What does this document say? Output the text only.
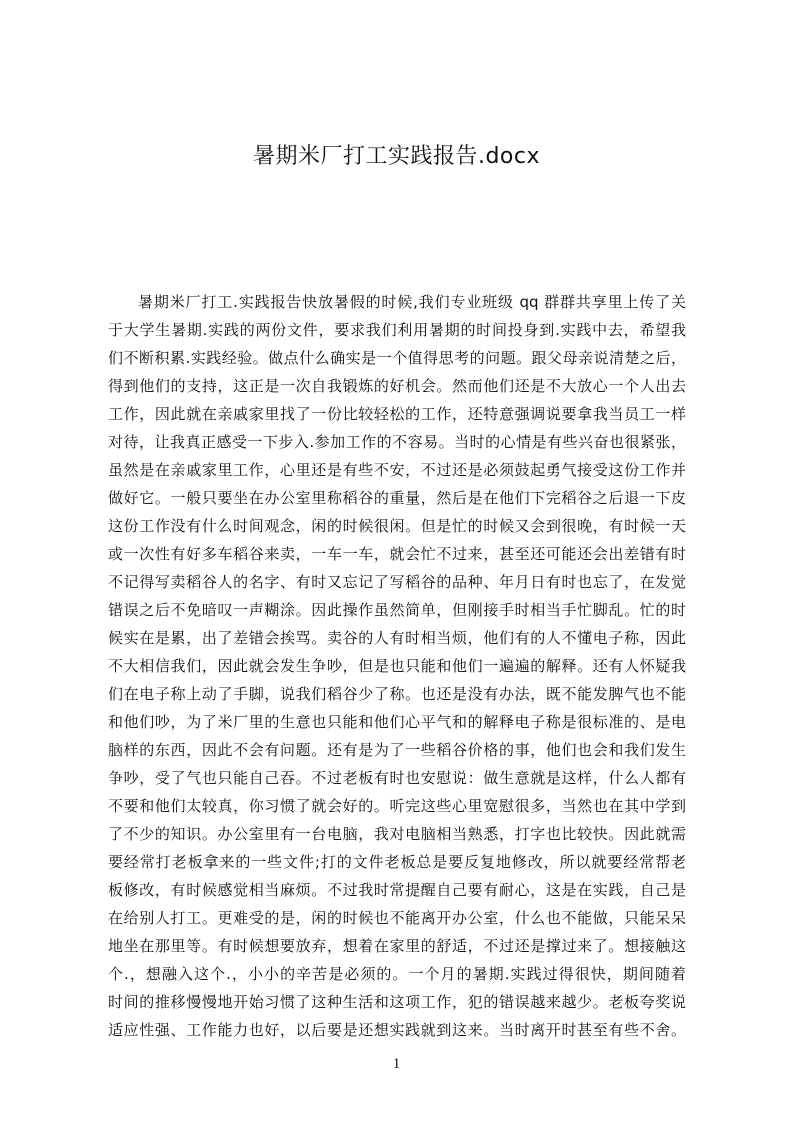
暑期米厂打工实践报告.docx
暑期米厂打工.实践报告快放暑假的时候,我们专业班级 qq 群群共享里上传了关
于大学生暑期.实践的两份文件，要求我们利用暑期的时间投身到.实践中去，希望我
们不断积累.实践经验。做点什么确实是一个值得思考的问题。跟父母亲说清楚之后，
得到他们的支持，这正是一次自我锻炼的好机会。然而他们还是不大放心一个人出去
工作，因此就在亲戚家里找了一份比较轻松的工作，还特意强调说要拿我当员工一样
对待，让我真正感受一下步入.参加工作的不容易。当时的心情是有些兴奋也很紧张，
虽然是在亲戚家里工作，心里还是有些不安，不过还是必须鼓起勇气接受这份工作并
做好它。一般只要坐在办公室里称稻谷的重量，然后是在他们下完稻谷之后退一下皮
这份工作没有什么时间观念，闲的时候很闲。但是忙的时候又会到很晚，有时候一天
或一次性有好多车稻谷来卖，一车一车，就会忙不过来，甚至还可能还会出差错有时
不记得写卖稻谷人的名字、有时又忘记了写稻谷的品种、年月日有时也忘了，在发觉
错误之后不免暗叹一声糊涂。因此操作虽然简单，但刚接手时相当手忙脚乱。忙的时
候实在是累，出了差错会挨骂。卖谷的人有时相当烦，他们有的人不懂电子称，因此
不大相信我们，因此就会发生争吵，但是也只能和他们一遍遍的解释。还有人怀疑我
们在电子称上动了手脚，说我们稻谷少了称。也还是没有办法，既不能发脾气也不能
和他们吵，为了米厂里的生意也只能和他们心平气和的解释电子称是很标准的、是电
脑样的东西，因此不会有问题。还有是为了一些稻谷价格的事，他们也会和我们发生
争吵，受了气也只能自己吞。不过老板有时也安慰说：做生意就是这样，什么人都有
不要和他们太较真，你习惯了就会好的。听完这些心里宽慰很多，当然也在其中学到
了不少的知识。办公室里有一台电脑，我对电脑相当熟悉，打字也比较快。因此就需
要经常打老板拿来的一些文件;打的文件老板总是要反复地修改，所以就要经常帮老
板修改，有时候感觉相当麻烦。不过我时常提醒自己要有耐心，这是在实践，自己是
在给别人打工。更难受的是，闲的时候也不能离开办公室，什么也不能做，只能呆呆
地坐在那里等。有时候想要放弃，想着在家里的舒适，不过还是撑过来了。想接触这
个.，想融入这个.，小小的辛苦是必须的。一个月的暑期.实践过得很快，期间随着
时间的推移慢慢地开始习惯了这种生活和这项工作，犯的错误越来越少。老板夸奖说
适应性强、工作能力也好，以后要是还想实践就到这来。当时离开时甚至有些不舍。
1
